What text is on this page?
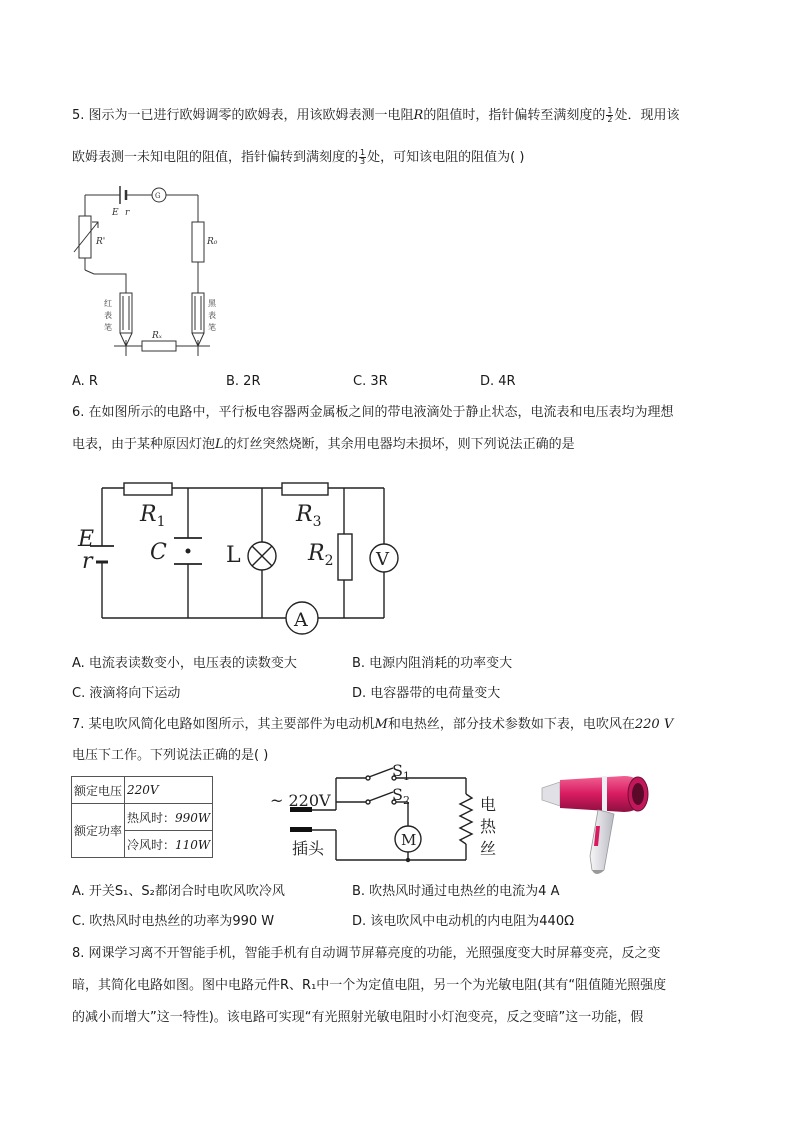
5. 图示为一已进行欧姆调零的欧姆表，用该欧姆表测一电阻R的阻值时，指针偏转至满刻度的 $\frac{1}{2}$ 处．现用该
欧姆表测一未知电阻的阻值，指针偏转到满刻度的 $\frac{1}{3}$ 处，可知该电阻的阻值为( )
E r
G
R'	R₀
Rₓ
红
表
笔
黑
表
笔
A. R	B. 2R	C. 3R	D. 4R
6. 在如图所示的电路中，平行板电容器两金属板之间的带电液滴处于静止状态，电流表和电压表均为理想
电表，由于某种原因灯泡L的灯丝突然烧断，其余用电器均未损坏，则下列说法正确的是
E
r
$R_1$
C	L
$R_3$
$R_2$ V
A
A. 电流表读数变小，电压表的读数变大	B. 电源内阻消耗的功率变大
C. 液滴将向下运动	D. 电容器带的电荷量变大
7. 某电吹风简化电路如图所示，其主要部件为电动机M和电热丝，部分技术参数如下表，电吹风在220 V
电压下工作。下列说法正确的是( )
额定电压	220V
额定功率	热风时：990W
	冷风时：110W
~ 220V
插头
$S_1$
$S_2$
M
电
热
丝
A. 开关S₁、S₂都闭合时电吹风吹冷风	B. 吹热风时通过电热丝的电流为4 A
C. 吹热风时电热丝的功率为990 W	D. 该电吹风中电动机的内电阻为440Ω
8. 网课学习离不开智能手机，智能手机有自动调节屏幕亮度的功能，光照强度变大时屏幕变亮，反之变
暗，其简化电路如图。图中电路元件R、R₁中一个为定值电阻，另一个为光敏电阻(其有“阻值随光照强度
的减小而增大”这一特性)。该电路可实现“有光照射光敏电阻时小灯泡变亮，反之变暗”这一功能，假
